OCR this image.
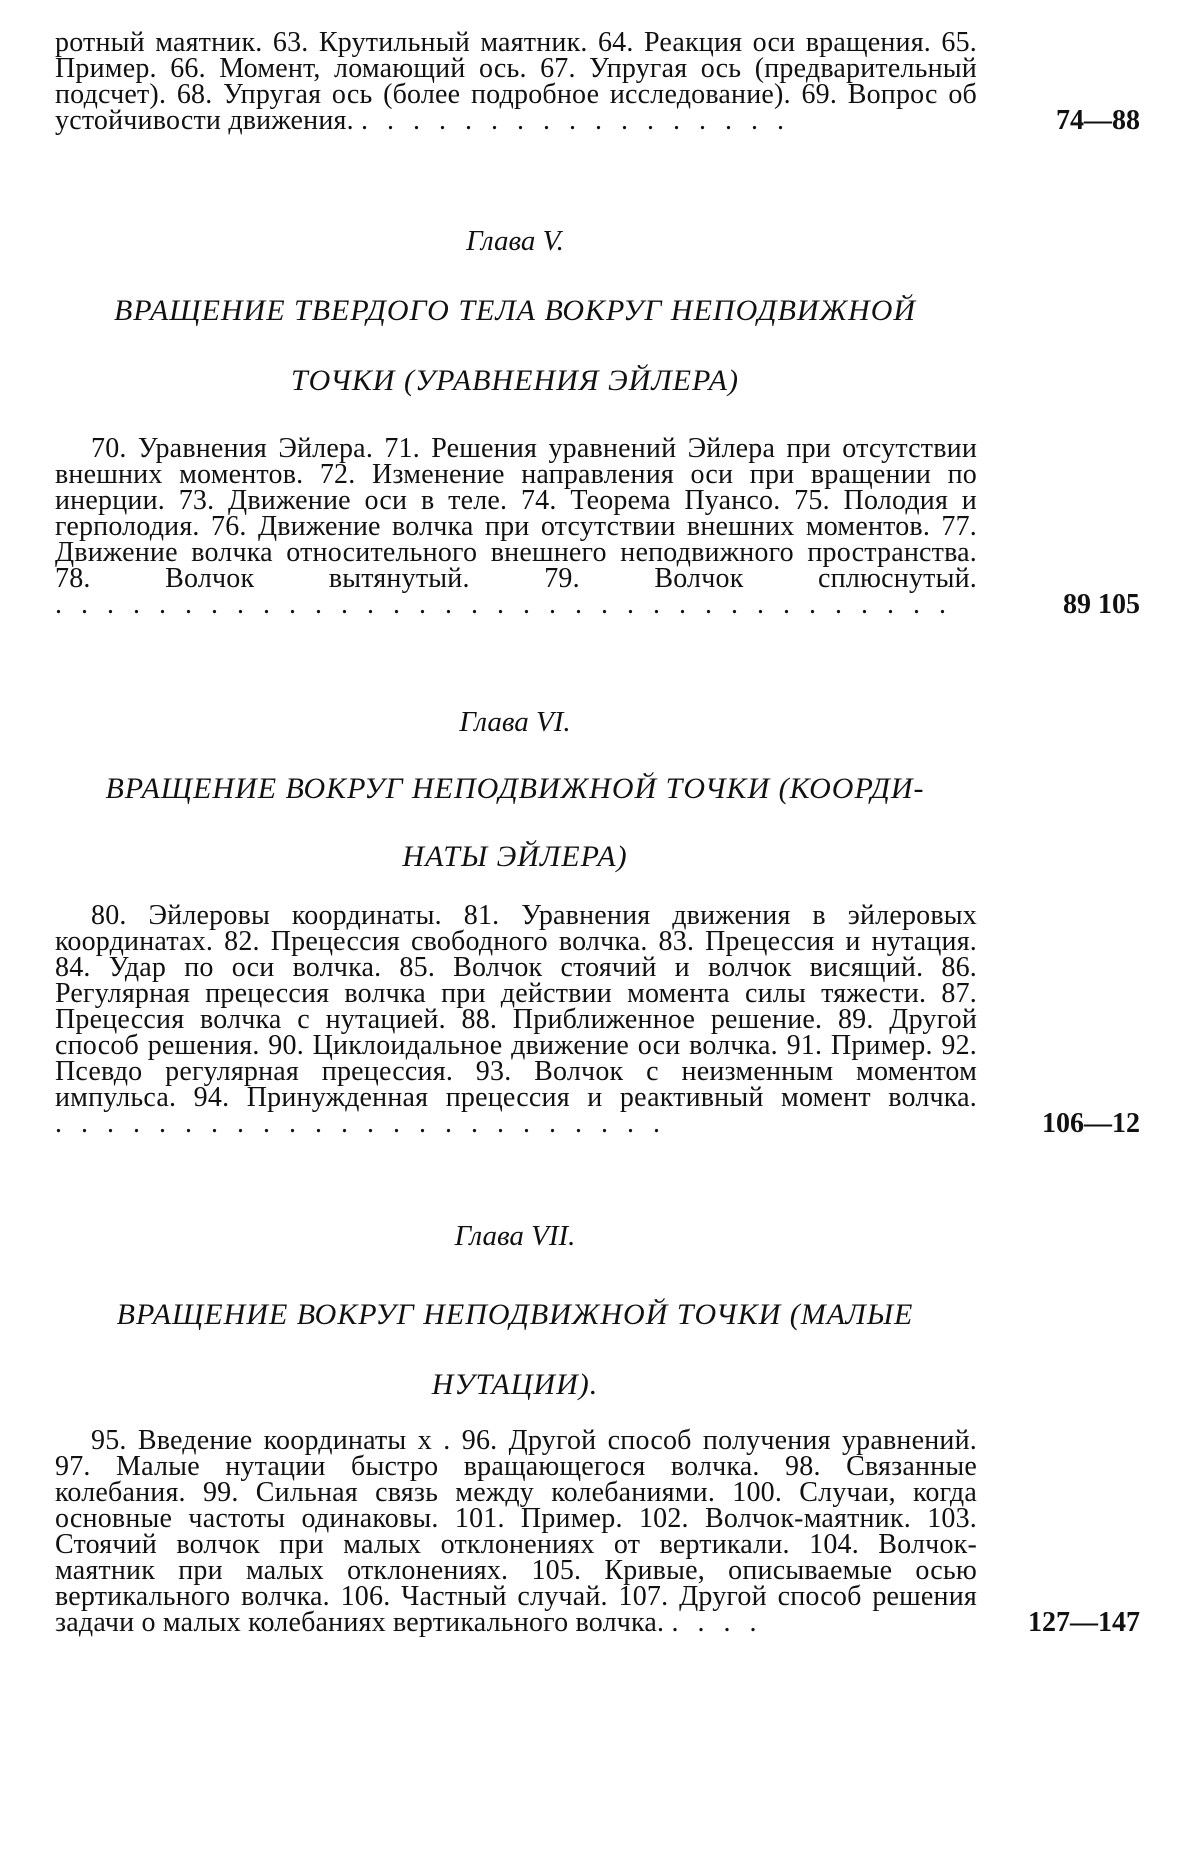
ротный маятник. 63. Крутильный маятник. 64. Реакция оси вращения. 65. Пример. 66. Момент, ломающий ось. 67. Упругая ось (предварительный подсчет). 68. Упругая ось (более подробное исследование). 69. Вопрос об устойчивости движения. . . . . . . . . . . . . . . . . .	74—88
Глава V.
ВРАЩЕНИЕ ТВЕРДОГО ТЕЛА ВОКРУГ НЕПОДВИЖНОЙ
ТОЧКИ (УРАВНЕНИЯ ЭЙЛЕРА)
70. Уравнения Эйлера. 71. Решения уравнений Эйлера при отсутствии внешних моментов. 72. Изменение направления оси при вращении по инерции. 73. Движение оси в теле. 74. Теорема Пуансо. 75. Полодия и герполодия. 76. Движение волчка при отсутствии внешних моментов. 77. Движение волчка относительного внешнего неподвижного пространства. 78. Волчок вытянутый. 79. Волчок сплюснутый. . . . . . . . . . . . . . . . . . . . . . . . . . . . . . . . . . . .	89 105
Глава VI.
ВРАЩЕНИЕ ВОКРУГ НЕПОДВИЖНОЙ ТОЧКИ (КООРДИ-
НАТЫ ЭЙЛЕРА)
80. Эйлеровы координаты. 81. Уравнения движения в эйлеровых координатах. 82. Прецессия свободного волчка. 83. Прецессия и нутация. 84. Удар по оси волчка. 85. Волчок стоячий и волчок висящий. 86. Регулярная прецессия волчка при действии момента силы тяжести. 87. Прецессия волчка с нутацией. 88. Приближенное решение. 89. Другой способ решения. 90. Циклоидальное движение оси волчка. 91. Пример. 92. Псевдо регулярная прецессия. 93. Волчок с неизменным моментом импульса. 94. Принужденная прецессия и реактивный момент волчка. . . . . . . . . . . . . . . . . . . . . . . . .	106—12
Глава VII.
ВРАЩЕНИЕ ВОКРУГ НЕПОДВИЖНОЙ ТОЧКИ (МАЛЫЕ
НУТАЦИИ).
95. Введение координаты x . 96. Другой способ получения уравнений. 97. Малые нутации быстро вращающегося волчка. 98. Связанные колебания. 99. Сильная связь между колебаниями. 100. Случаи, когда основные частоты одинаковы. 101. Пример. 102. Волчок-маятник. 103. Стоячий волчок при малых отклонениях от вертикали. 104. Волчок-маятник при малых отклонениях. 105. Кривые, описываемые осью вертикального волчка. 106. Частный случай. 107. Другой способ решения задачи о малых колебаниях вертикального волчка. . . . .	127—147
